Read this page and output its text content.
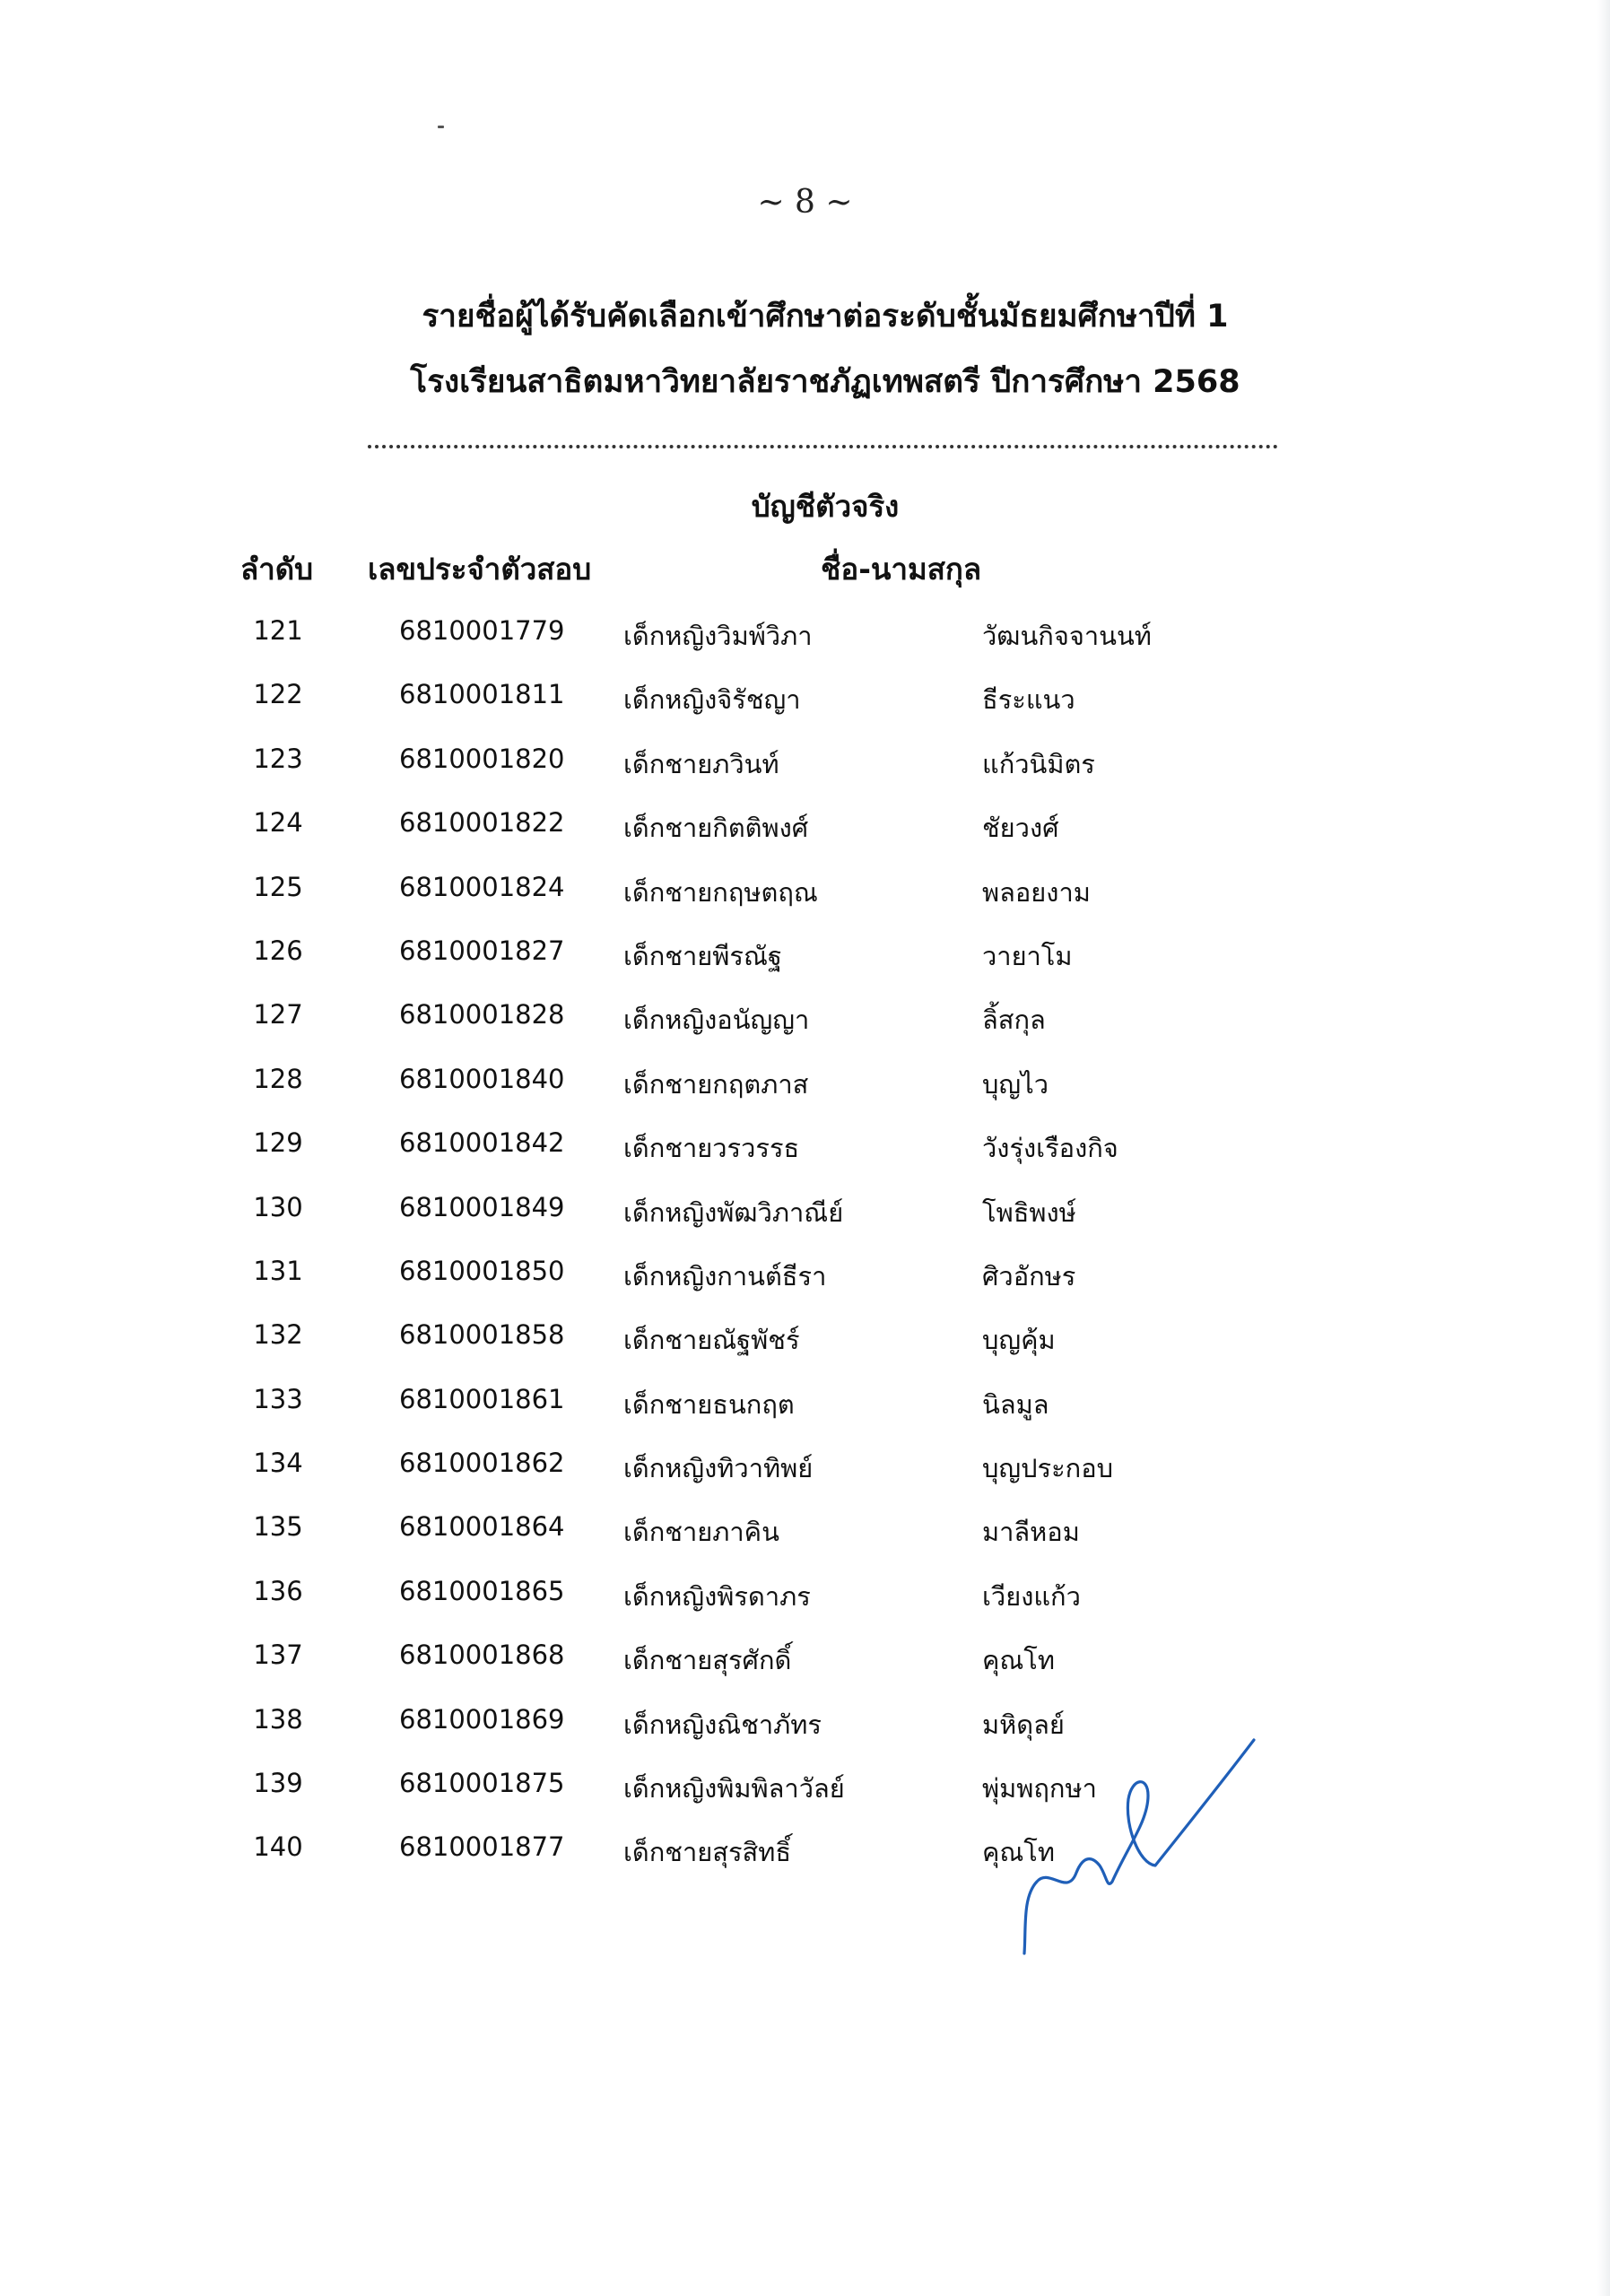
~ 8 ~
รายชื่อผู้ได้รับคัดเลือกเข้าศึกษาต่อระดับชั้นมัธยมศึกษาปีที่ 1
โรงเรียนสาธิตมหาวิทยาลัยราชภัฏเทพสตรี ปีการศึกษา 2568
บัญชีตัวจริง
ลำดับ เลขประจำตัวสอบ	ชื่อ-นามสกุล
121	6810001779 เด็กหญิงวิมพ์วิภา	วัฒนกิจจานนท์
122	6810001811 เด็กหญิงจิรัชญา	ธีระแนว
123	6810001820 เด็กชายภวินท์	แก้วนิมิตร
124	6810001822 เด็กชายกิตติพงศ์	ชัยวงศ์
125	6810001824 เด็กชายกฤษตฤณ	พลอยงาม
126	6810001827 เด็กชายพีรณัฐ	วายาโม
127	6810001828 เด็กหญิงอนัญญา	ลิ้สกุล
128	6810001840 เด็กชายกฤตภาส	บุญไว
129	6810001842 เด็กชายวรวรรธ	วังรุ่งเรืองกิจ
130	6810001849 เด็กหญิงพัฒวิภาณีย์	โพธิพงษ์
131	6810001850 เด็กหญิงกานต์ธีรา	ศิวอักษร
132	6810001858 เด็กชายณัฐพัชร์	บุญคุ้ม
133	6810001861 เด็กชายธนกฤต	นิลมูล
134	6810001862 เด็กหญิงทิวาทิพย์	บุญประกอบ
135	6810001864 เด็กชายภาคิน	มาลีหอม
136	6810001865 เด็กหญิงพิรดาภร	เวียงแก้ว
137	6810001868 เด็กชายสุรศักดิ์	คุณโท
138	6810001869 เด็กหญิงณิชาภัทร	มหิดุลย์
139	6810001875 เด็กหญิงพิมพิลาวัลย์	พุ่มพฤกษา
140	6810001877 เด็กชายสุรสิทธิ์	คุณโท
